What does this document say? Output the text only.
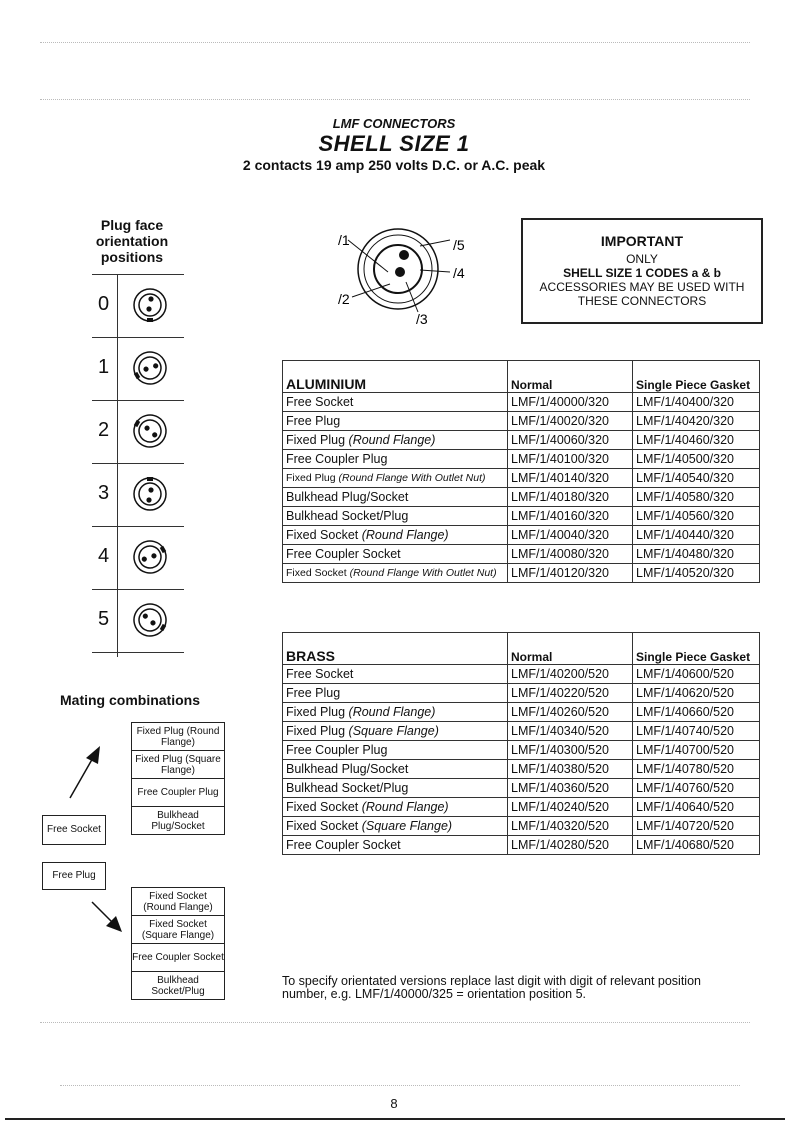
LMF CONNECTORS
SHELL SIZE 1
2 contacts 19 amp 250 volts D.C. or A.C. peak
Plug face orientation positions
0
1
2
3
4
5
/1	/5
/4
/2
/3
IMPORTANT
ONLY
SHELL SIZE 1 CODES a & b
ACCESSORIES MAY BE USED WITH
THESE CONNECTORS
ALUMINIUM	Normal	Single Piece Gasket
Free Socket	LMF/1/40000/320	LMF/1/40400/320
Free Plug	LMF/1/40020/320	LMF/1/40420/320
Fixed Plug (Round Flange)	LMF/1/40060/320	LMF/1/40460/320
Free Coupler Plug	LMF/1/40100/320	LMF/1/40500/320
Fixed Plug (Round Flange With Outlet Nut)	LMF/1/40140/320	LMF/1/40540/320
Bulkhead Plug/Socket	LMF/1/40180/320	LMF/1/40580/320
Bulkhead Socket/Plug	LMF/1/40160/320	LMF/1/40560/320
Fixed Socket (Round Flange)	LMF/1/40040/320	LMF/1/40440/320
Free Coupler Socket	LMF/1/40080/320	LMF/1/40480/320
Fixed Socket (Round Flange With Outlet Nut)	LMF/1/40120/320	LMF/1/40520/320
BRASS	Normal	Single Piece Gasket
Free Socket	LMF/1/40200/520	LMF/1/40600/520
Free Plug	LMF/1/40220/520	LMF/1/40620/520
Fixed Plug (Round Flange)	LMF/1/40260/520	LMF/1/40660/520
Fixed Plug (Square Flange)	LMF/1/40340/520	LMF/1/40740/520
Free Coupler Plug	LMF/1/40300/520	LMF/1/40700/520
Bulkhead Plug/Socket	LMF/1/40380/520	LMF/1/40780/520
Bulkhead Socket/Plug	LMF/1/40360/520	LMF/1/40760/520
Fixed Socket (Round Flange)	LMF/1/40240/520	LMF/1/40640/520
Fixed Socket (Square Flange)	LMF/1/40320/520	LMF/1/40720/520
Free Coupler Socket	LMF/1/40280/520	LMF/1/40680/520
Mating combinations
Fixed Plug (Round Flange)
Fixed Plug (Square Flange)
Free Coupler Plug
Bulkhead Plug/Socket
Free Socket
Free Plug
Fixed Socket (Round Flange)
Fixed Socket (Square Flange)
Free Coupler Socket
Bulkhead Socket/Plug
To specify orientated versions replace last digit with digit of relevant position number, e.g. LMF/1/40000/325 = orientation position 5.
8
